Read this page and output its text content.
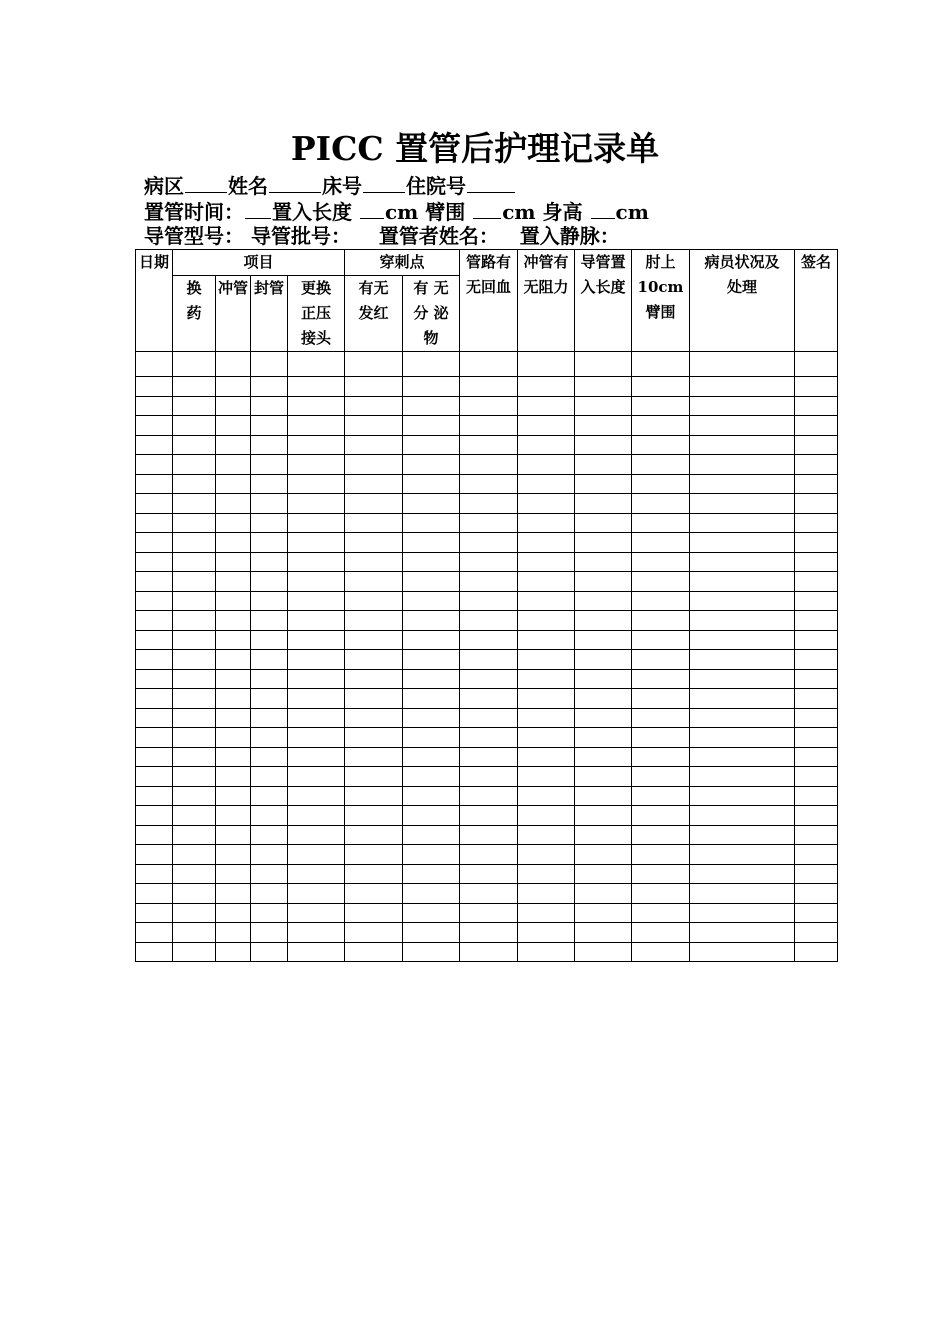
PICC 置管后护理记录单
病区 姓名	床号 住院号
置管时间： 置入长度 cm 臂围 cm 身高 cm
导管型号： 导管批号： 置管者姓名： 置入静脉：
日期	项目				穿刺点		管路有无回血	冲管有无阻力	导管置入长度	肘上10cm臂围	病员状况及处理	签名

	换药	冲管	封管	更换正压接头	有无发红	有 无 分 泌 物						
